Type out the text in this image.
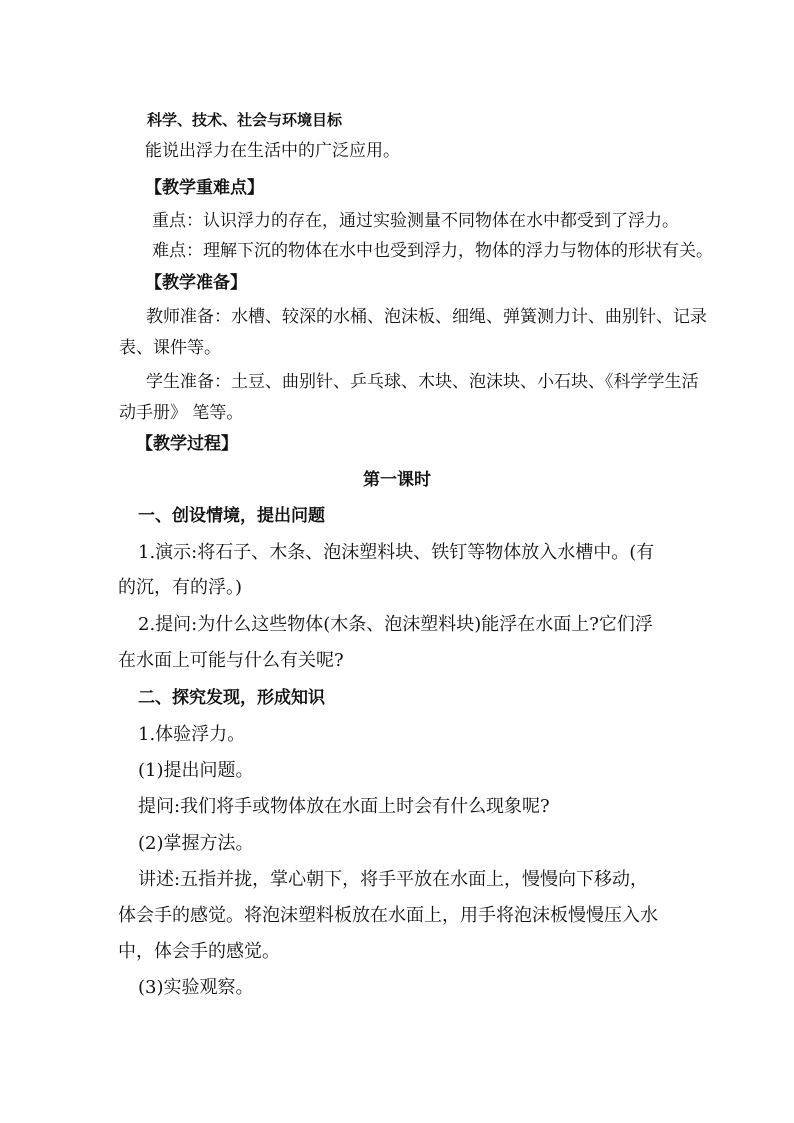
科学、技术、社会与环境目标
能说出浮力在生活中的广泛应用。
【教学重难点】
重点：认识浮力的存在，通过实验测量不同物体在水中都受到了浮力。
难点：理解下沉的物体在水中也受到浮力，物体的浮力与物体的形状有关。
【教学准备】
教师准备：水槽、较深的水桶、泡沫板、细绳、弹簧测力计、曲别针、记录
表、课件等。
学生准备：土豆、曲别针、乒乓球、木块、泡沫块、小石块、《科学学生活
动手册》 笔等。
【教学过程】
第一课时
一、创设情境，提出问题
1.演示:将石子、木条、泡沫塑料块、铁钉等物体放入水槽中。(有
的沉，有的浮。)
2.提问:为什么这些物体(木条、泡沫塑料块)能浮在水面上?它们浮
在水面上可能与什么有关呢?
二、探究发现，形成知识
1.体验浮力。
(1)提出问题。
提问:我们将手或物体放在水面上时会有什么现象呢?
(2)掌握方法。
讲述:五指并拢，掌心朝下，将手平放在水面上，慢慢向下移动，
体会手的感觉。将泡沫塑料板放在水面上，用手将泡沫板慢慢压入水
中，体会手的感觉。
(3)实验观察。
